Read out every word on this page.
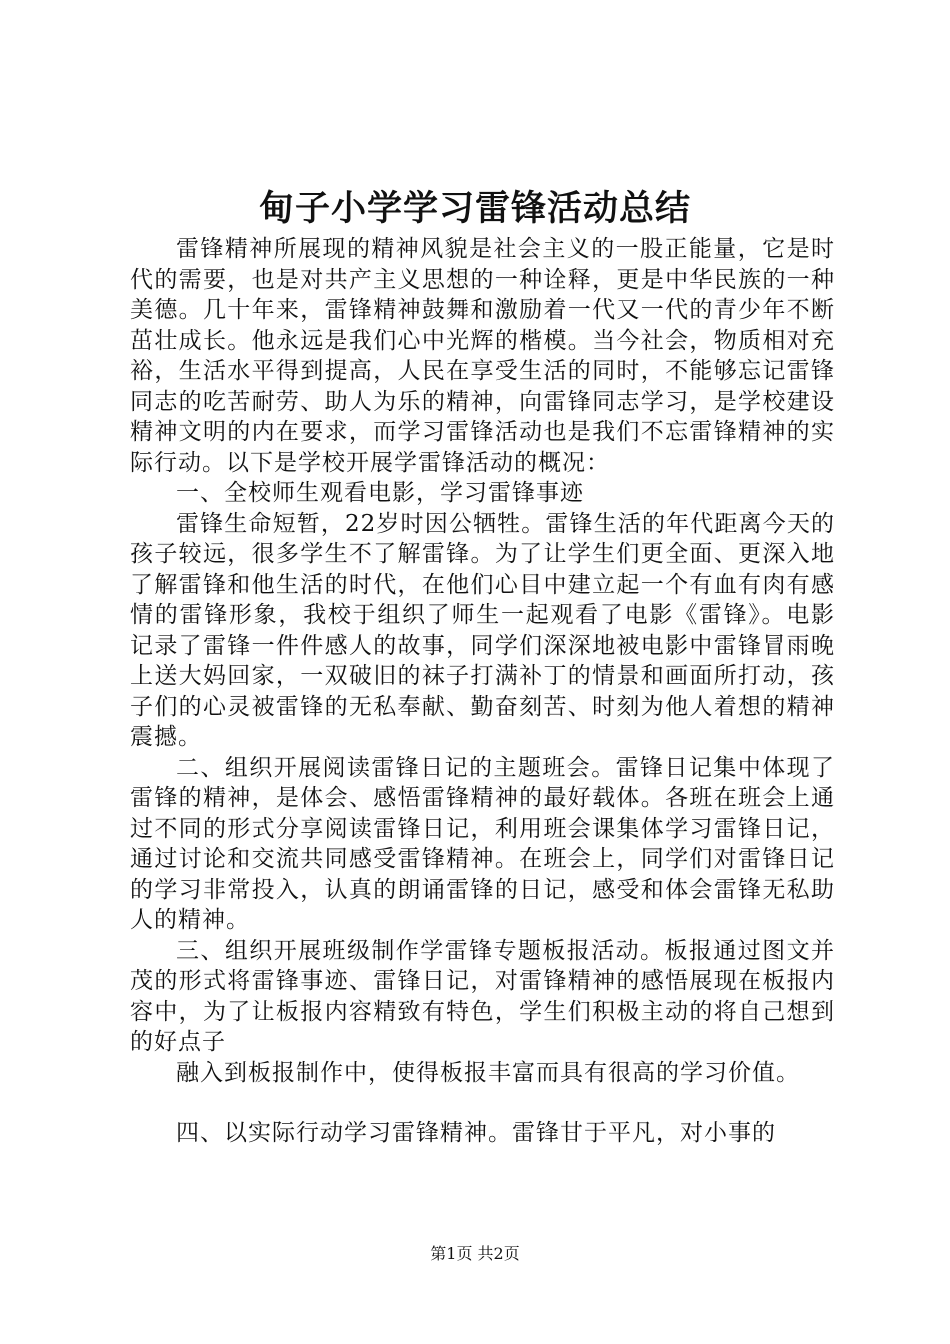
甸子小学学习雷锋活动总结

雷锋精神所展现的精神风貌是社会主义的一股正能量，它是时代的需要，也是对共产主义思想的一种诠释，更是中华民族的一种美德。几十年来，雷锋精神鼓舞和激励着一代又一代的青少年不断茁壮成长。他永远是我们心中光辉的楷模。当今社会，物质相对充裕，生活水平得到提高，人民在享受生活的同时，不能够忘记雷锋同志的吃苦耐劳、助人为乐的精神，向雷锋同志学习，是学校建设精神文明的内在要求，而学习雷锋活动也是我们不忘雷锋精神的实际行动。以下是学校开展学雷锋活动的概况：

一、全校师生观看电影，学习雷锋事迹

雷锋生命短暂，22岁时因公牺牲。雷锋生活的年代距离今天的孩子较远，很多学生不了解雷锋。为了让学生们更全面、更深入地了解雷锋和他生活的时代，在他们心目中建立起一个有血有肉有感情的雷锋形象，我校于组织了师生一起观看了电影《雷锋》。电影记录了雷锋一件件感人的故事，同学们深深地被电影中雷锋冒雨晚上送大妈回家，一双破旧的袜子打满补丁的情景和画面所打动，孩子们的心灵被雷锋的无私奉献、勤奋刻苦、时刻为他人着想的精神震撼。

二、组织开展阅读雷锋日记的主题班会。雷锋日记集中体现了雷锋的精神，是体会、感悟雷锋精神的最好载体。各班在班会上通过不同的形式分享阅读雷锋日记，利用班会课集体学习雷锋日记，通过讨论和交流共同感受雷锋精神。在班会上，同学们对雷锋日记的学习非常投入，认真的朗诵雷锋的日记，感受和体会雷锋无私助人的精神。

三、组织开展班级制作学雷锋专题板报活动。板报通过图文并茂的形式将雷锋事迹、雷锋日记，对雷锋精神的感悟展现在板报内容中，为了让板报内容精致有特色，学生们积极主动的将自己想到的好点子

融入到板报制作中，使得板报丰富而具有很高的学习价值。

四、以实际行动学习雷锋精神。雷锋甘于平凡，对小事的

第1页 共2页
